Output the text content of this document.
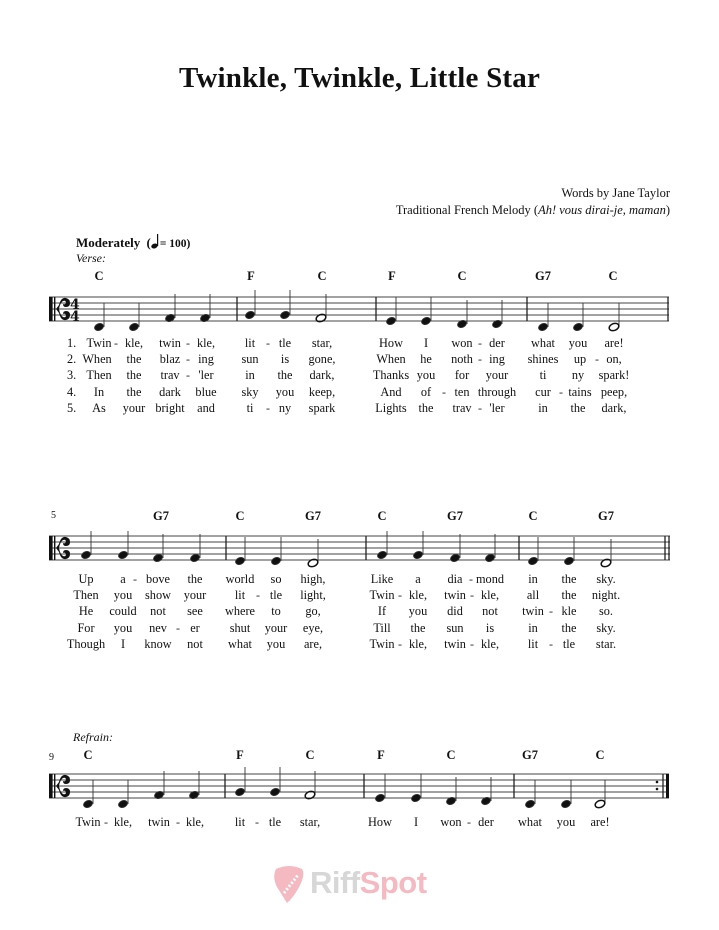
Twinkle, Twinkle, Little Star
Words by Jane Taylor
Traditional French Melody (Ah! vous dirai-je, maman)
Moderately ( = 100)
Verse:
5
Refrain:
9
C	F	C	F	C	G7	C
1. Twin kle, twin kle, lit tle star,	How I won der what you are!
-	-	-	-
2. When the blaz ing sun is gone,	When he noth ing shines up on,
-	-	-
3. Then the trav 'ler	in the dark,	Thanks you for your	ti ny spark!
-
4. In the dark blue sky you keep,	And of ten through cur tains peep,
-	-
5. As your bright and	ti ny spark	Lights the trav 'ler	in the dark,
-	-
G7	C	G7	C	G7	C	G7
Up a bove the world so high,	Like a dia mond in the sky.
-	-
Then you show your lit tle light,	Twin kle, twin kle, all the night.
-	-	-
He could not see where to go,	If you did not twin kle so.
-
For you nev er shut your eye,	Till the sun is	in the sky.
-
Though I know not what you are,	Twin kle, twin kle, lit tle star.
-	-	-
C	F	C	F	C	G7	C
Twin kle, twin kle,	lit tle star,	How I won der what you are!
-	-	-	-
4
4
RiffSpot
